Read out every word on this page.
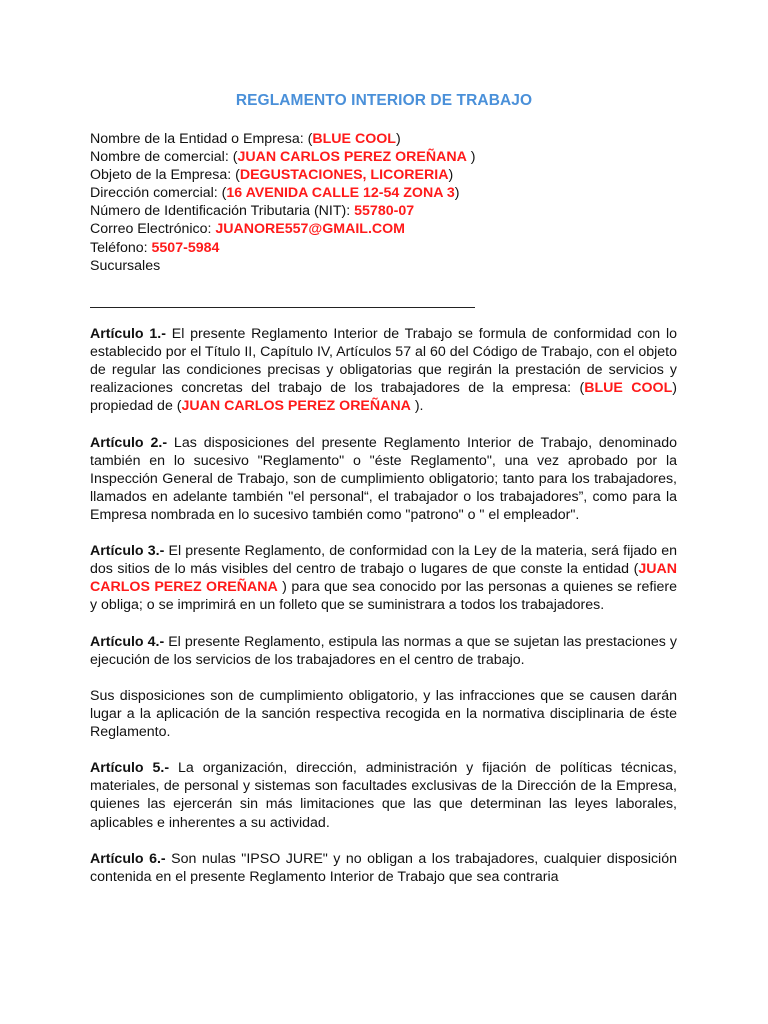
REGLAMENTO INTERIOR DE TRABAJO
Nombre de la Entidad o Empresa: (BLUE COOL)
Nombre de comercial: (JUAN CARLOS PEREZ OREÑANA )
Objeto de la Empresa: (DEGUSTACIONES, LICORERIA)
Dirección comercial: (16 AVENIDA CALLE 12-54 ZONA 3)
Número de Identificación Tributaria (NIT): 55780-07
Correo Electrónico: JUANORE557@GMAIL.COM
Teléfono: 5507-5984
Sucursales

Artículo 1.- El presente Reglamento Interior de Trabajo se formula de conformidad con lo establecido por el Título II, Capítulo IV, Artículos 57 al 60 del Código de Trabajo, con el objeto de regular las condiciones precisas y obligatorias que regirán la prestación de servicios y realizaciones concretas del trabajo de los trabajadores de la empresa: (BLUE COOL) propiedad de (JUAN CARLOS PEREZ OREÑANA ).

Artículo 2.- Las disposiciones del presente Reglamento Interior de Trabajo, denominado también en lo sucesivo "Reglamento" o "éste Reglamento", una vez aprobado por la Inspección General de Trabajo, son de cumplimiento obligatorio; tanto para los trabajadores, llamados en adelante también "el personal“, el trabajador o los trabajadores”, como para la Empresa nombrada en lo sucesivo también como "patrono" o " el empleador".

Artículo 3.- El presente Reglamento, de conformidad con la Ley de la materia, será fijado en dos sitios de lo más visibles del centro de trabajo o lugares de que conste la entidad (JUAN CARLOS PEREZ OREÑANA ) para que sea conocido por las personas a quienes se refiere y obliga; o se imprimirá en un folleto que se suministrara a todos los trabajadores.

Artículo 4.- El presente Reglamento, estipula las normas a que se sujetan las prestaciones y ejecución de los servicios de los trabajadores en el centro de trabajo.

Sus disposiciones son de cumplimiento obligatorio, y las infracciones que se causen darán lugar a la aplicación de la sanción respectiva recogida en la normativa disciplinaria de éste Reglamento.

Artículo 5.- La organización, dirección, administración y fijación de políticas técnicas, materiales, de personal y sistemas son facultades exclusivas de la Dirección de la Empresa, quienes las ejercerán sin más limitaciones que las que determinan las leyes laborales, aplicables e inherentes a su actividad.

Artículo 6.- Son nulas "IPSO JURE" y no obligan a los trabajadores, cualquier disposición contenida en el presente Reglamento Interior de Trabajo que sea contraria
